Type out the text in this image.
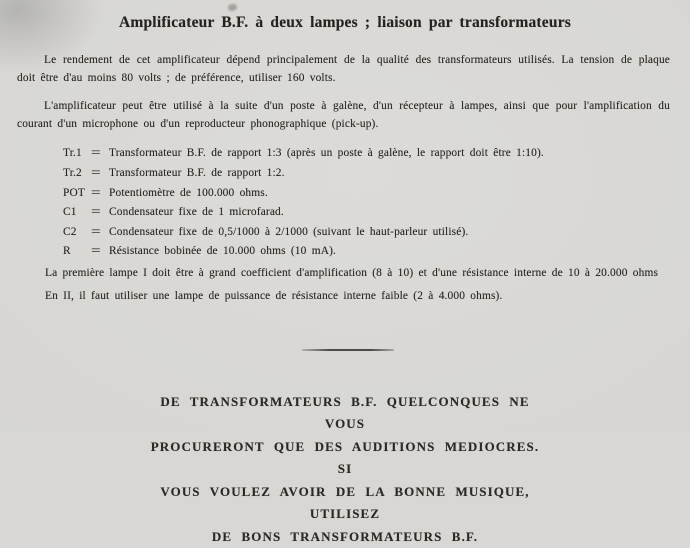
Amplificateur B.F. à deux lampes ; liaison par transformateurs

Le rendement de cet amplificateur dépend principalement de la qualité des transformateurs utilisés. La tension de plaque doit être d'au moins 80 volts ; de préférence, utiliser 160 volts.

L'amplificateur peut être utilisé à la suite d'un poste à galène, d'un récepteur à lampes, ainsi que pour l'amplification du courant d'un microphone ou d'un reproducteur phonographique (pick-up).

Tr.1 = Transformateur B.F. de rapport 1:3 (après un poste à galène, le rapport doit être 1:10).
Tr.2 = Transformateur B.F. de rapport 1:2.
POT = Potentiomètre de 100.000 ohms.
C1 = Condensateur fixe de 1 microfarad.
C2 = Condensateur fixe de 0,5/1000 à 2/1000 (suivant le haut-parleur utilisé).
R = Résistance bobinée de 10.000 ohms (10 mA).

La première lampe I doit être à grand coefficient d'amplification (8 à 10) et d'une résistance interne de 10 à 20.000 ohms

En II, il faut utiliser une lampe de puissance de résistance interne faible (2 à 4.000 ohms).

DE TRANSFORMATEURS B.F. QUELCONQUES NE VOUS
PROCURERONT QUE DES AUDITIONS MEDIOCRES. SI
VOUS VOULEZ AVOIR DE LA BONNE MUSIQUE, UTILISEZ
DE BONS TRANSFORMATEURS B.F.
